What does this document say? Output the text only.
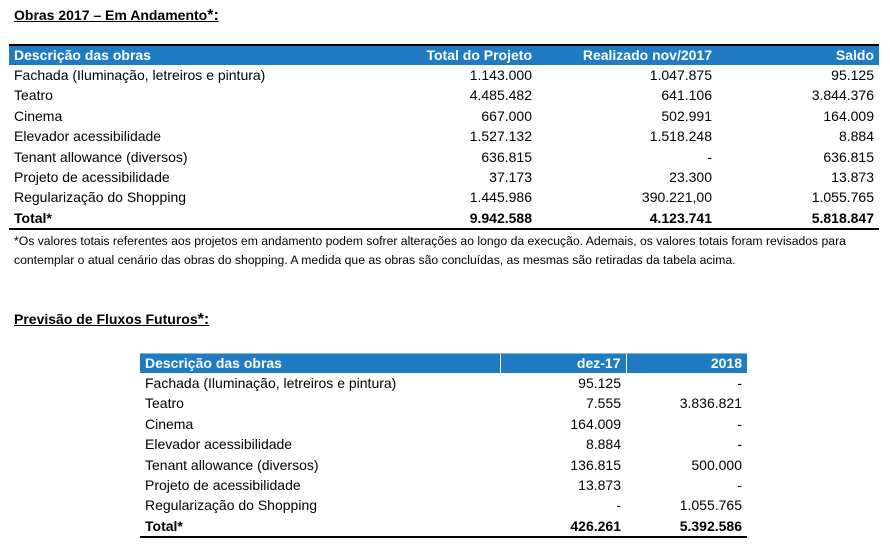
Obras 2017 – Em Andamento*:
Descrição das obras	Total do Projeto	Realizado nov/2017	Saldo
Fachada (Iluminação, letreiros e pintura)	1.143.000	1.047.875	95.125
Teatro	4.485.482	641.106	3.844.376
Cinema	667.000	502.991	164.009
Elevador acessibilidade	1.527.132	1.518.248	8.884
Tenant allowance (diversos)	636.815	-	636.815
Projeto de acessibilidade	37.173	23.300	13.873
Regularização do Shopping	1.445.986	390.221,00	1.055.765
Total*	9.942.588	4.123.741	5.818.847
*Os valores totais referentes aos projetos em andamento podem sofrer alterações ao longo da execução. Ademais, os valores totais foram revisados para contemplar o atual cenário das obras do shopping. A medida que as obras são concluídas, as mesmas são retiradas da tabela acima.
Previsão de Fluxos Futuros*:
Descrição das obras	dez-17	2018
Fachada (Iluminação, letreiros e pintura)	95.125	-
Teatro	7.555	3.836.821
Cinema	164.009	-
Elevador acessibilidade	8.884	-
Tenant allowance (diversos)	136.815	500.000
Projeto de acessibilidade	13.873	-
Regularização do Shopping	-	1.055.765
Total*	426.261	5.392.586
